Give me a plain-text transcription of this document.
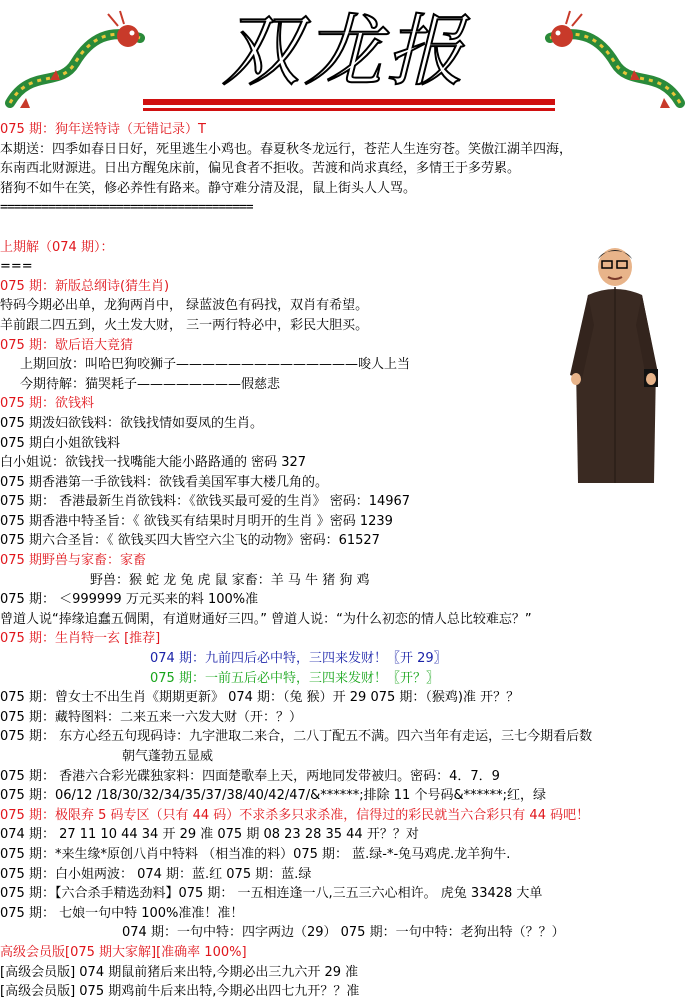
双龙报
075 期：狗年送特诗（无错记录）T
本期送：四季如春日日好，死里逃生小鸡也。春夏秋冬龙远行，苍茫人生连穷苍。笑傲江湖羊四海，
东南西北财源进。日出方醒兔床前，偏见食者不拒收。苦渡和尚求真经，多情王于多劳累。
猪狗不如牛在笑，修必养性有路来。静守难分清及混，鼠上街头人人骂。
=====================================
上期解（074 期）：
===
075 期：新版总纲诗(猜生肖)
特码今期必出单，龙狗两肖中， 绿蓝波色有码找，双肖有希望。
羊前跟二四五到，火土发大财， 三一两行特必中，彩民大胆买。
075 期：歇后语大竟猜
上期回放：叫哈巴狗咬狮子——————————————唆人上当
今期待解：猫哭耗子————————假慈悲
075 期：欲钱料
075 期泼妇欲钱料：欲钱找情如耍凤的生肖。
075 期白小姐欲钱料
白小姐说：欲钱找一找嘴能大能小路路通的 密码 327
075 期香港第一手欲钱料：欲钱看美国军事大楼几角的。
075 期： 香港最新生肖欲钱料：《欲钱买最可爱的生肖》 密码：14967
075 期香港中特圣旨：《 欲钱买有结果时月明开的生肖 》密码 1239
075 期六合圣旨：《 欲钱买四大皆空六尘飞的动物》密码：61527
075 期野兽与家畜：家畜
野兽：猴 蛇 龙 兔 虎 鼠 家畜：羊 马 牛 猪 狗 鸡
075 期： ＜999999 万元买来的料 100%准
曾道人说“捧缘追蠢五倜閑，有道财通好三四。” 曾道人说：“为什么初恋的情人总比较难忘？”
075 期：生肖特一玄 [推荐]
074 期：九前四后必中特，三四来发财！〖开 29〗
075 期：一前五后必中特，三四来发财！〖开？〗
075 期：曾女士不出生肖《期期更新》 074 期：（兔 猴）开 29 075 期：（猴鸡)准 开？？
075 期：藏特图料：二来五来一六发大财（开：？）
075 期： 东方心经五句现码诗：九字泄取二来合，二八丁配五不满。四六当年有走运，三七今期看后数
朝气蓬勃五显威
075 期： 香港六合彩光碟独家料：四面楚歌奉上天，两地同发带被归。密码：4．7．9
075 期：06/12 /18/30/32/34/35/37/38/40/42/47/&******;排除 11 个号码&******;红，绿
075 期：极限弃 5 码专区（只有 44 码）不求杀多只求杀准，信得过的彩民就当六合彩只有 44 码吧！
074 期： 27 11 10 44 34 开 29 准 075 期 08 23 28 35 44 开？？对
075 期：*来生缘*原创八肖中特料 （相当准的料）075 期： 蓝.绿-*-兔马鸡虎.龙羊狗牛.
075 期：白小姐两波： 074 期：蓝.红 075 期：蓝.绿
075 期：【六合杀手精选劲料】075 期： 一五相连逢一八,三五三六心相许。 虎兔 33428 大单
075 期： 七娘一句中特 100%准准！准！
074 期：一句中特：四字两边（29） 075 期：一句中特：老狗出特（？？）
高级会员版[075 期大家解][准确率 100%]
[高级会员版] 074 期鼠前猪后来出特,今期必出三九六开 29 准
[高级会员版] 075 期鸡前牛后来出特,今期必出四七九开？？准
